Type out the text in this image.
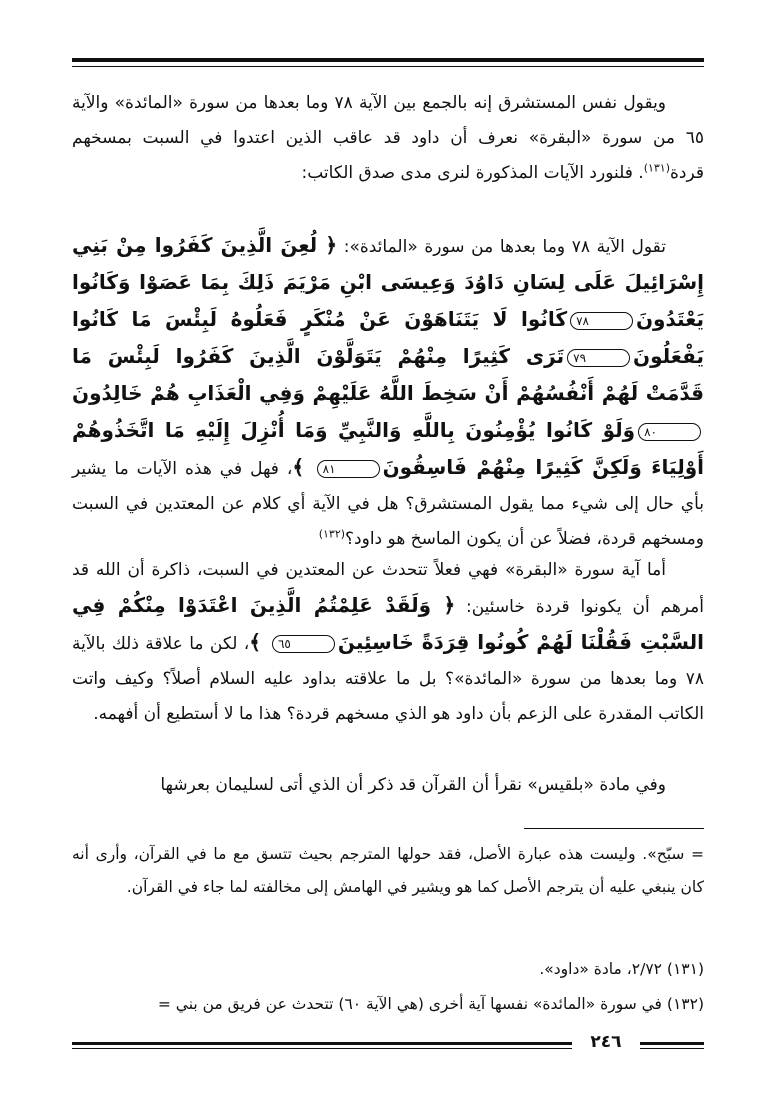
ويقول نفس المستشرق إنه بالجمع بين الآية ٧٨ وما بعدها من سورة «المائدة» والآية ٦٥ من سورة «البقرة» نعرف أن داود قد عاقب الذين اعتدوا في السبت بمسخهم قردة$^{(١٣١)}$. فلنورد الآيات المذكورة لنرى مدى صدق الكاتب:

تقول الآية ٧٨ وما بعدها من سورة «المائدة»: ﴿ لُعِنَ الَّذِينَ كَفَرُوا مِنْ بَنِي إِسْرَائِيلَ عَلَى لِسَانِ دَاوُدَ وَعِيسَى ابْنِ مَرْيَمَ ذَلِكَ بِمَا عَصَوْا وَكَانُوا يَعْتَدُونَ٧٨كَانُوا لَا يَتَنَاهَوْنَ عَنْ مُنْكَرٍ فَعَلُوهُ لَبِئْسَ مَا كَانُوا يَفْعَلُونَ٧٩تَرَى كَثِيرًا مِنْهُمْ يَتَوَلَّوْنَ الَّذِينَ كَفَرُوا لَبِئْسَ مَا قَدَّمَتْ لَهُمْ أَنْفُسُهُمْ أَنْ سَخِطَ اللَّهُ عَلَيْهِمْ وَفِي الْعَذَابِ هُمْ خَالِدُونَ٨٠وَلَوْ كَانُوا يُؤْمِنُونَ بِاللَّهِ وَالنَّبِيِّ وَمَا أُنْزِلَ إِلَيْهِ مَا اتَّخَذُوهُمْ أَوْلِيَاءَ وَلَكِنَّ كَثِيرًا مِنْهُمْ فَاسِقُونَ٨١ ﴾، فهل في هذه الآيات ما يشير بأي حال إلى شيء مما يقول المستشرق؟ هل في الآية أي كلام عن المعتدين في السبت ومسخهم قردة، فضلاً عن أن يكون الماسخ هو داود؟$^{(١٣٢)}$

أما آية سورة «البقرة» فهي فعلاً تتحدث عن المعتدين في السبت، ذاكرة أن الله قد أمرهم أن يكونوا قردة خاسئين: ﴿ وَلَقَدْ عَلِمْتُمُ الَّذِينَ اعْتَدَوْا مِنْكُمْ فِي السَّبْتِ فَقُلْنَا لَهُمْ كُونُوا قِرَدَةً خَاسِئِينَ٦٥ ﴾، لكن ما علاقة ذلك بالآية ٧٨ وما بعدها من سورة «المائدة»؟ بل ما علاقته بداود عليه السلام أصلاً؟ وكيف واتت الكاتب المقدرة على الزعم بأن داود هو الذي مسخهم قردة؟ هذا ما لا أستطيع أن أفهمه.

وفي مادة «بلقيس» نقرأ أن القرآن قد ذكر أن الذي أتى لسليمان بعرشها

= سبّح». وليست هذه عبارة الأصل، فقد حولها المترجم بحيث تتسق مع ما في القرآن، وأرى أنه كان ينبغي عليه أن يترجم الأصل كما هو ويشير في الهامش إلى مخالفته لما جاء في القرآن.

(١٣١) ٢/٧٢، مادة «داود».

(١٣٢) في سورة «المائدة» نفسها آية أخرى (هي الآية ٦٠) تتحدث عن فريق من بني =

٢٤٦
